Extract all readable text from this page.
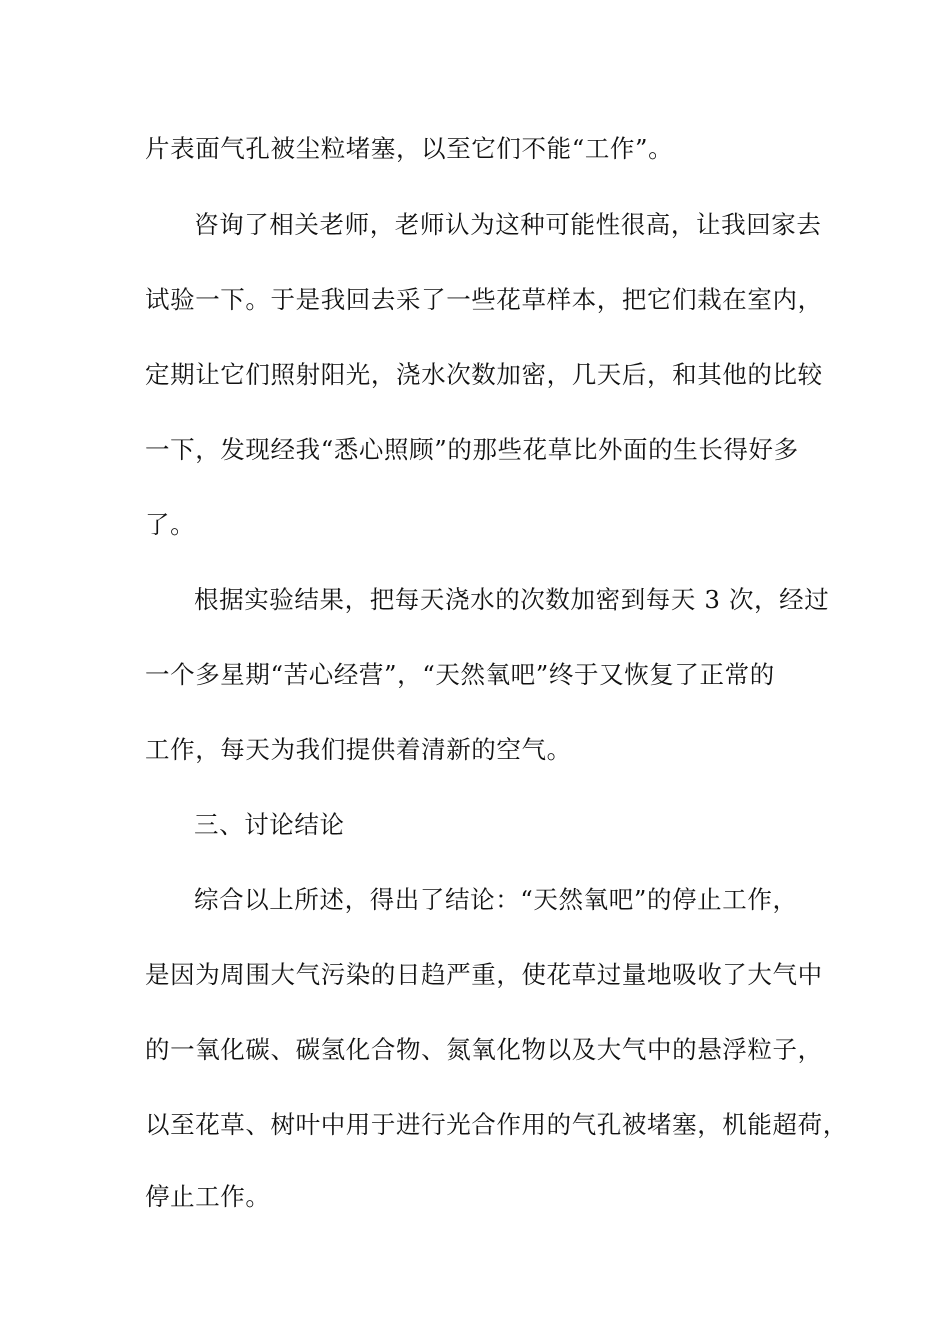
片表面气孔被尘粒堵塞，以至它们不能“工作”。
咨询了相关老师，老师认为这种可能性很高，让我回家去
试验一下。于是我回去采了一些花草样本，把它们栽在室内，
定期让它们照射阳光，浇水次数加密，几天后，和其他的比较
一下，发现经我“悉心照顾”的那些花草比外面的生长得好多
了。
根据实验结果，把每天浇水的次数加密到每天 3 次，经过
一个多星期“苦心经营”，“天然氧吧”终于又恢复了正常的
工作，每天为我们提供着清新的空气。
三、讨论结论
综合以上所述，得出了结论：“天然氧吧”的停止工作，
是因为周围大气污染的日趋严重，使花草过量地吸收了大气中
的一氧化碳、碳氢化合物、氮氧化物以及大气中的悬浮粒子，
以至花草、树叶中用于进行光合作用的气孔被堵塞，机能超荷，
停止工作。
